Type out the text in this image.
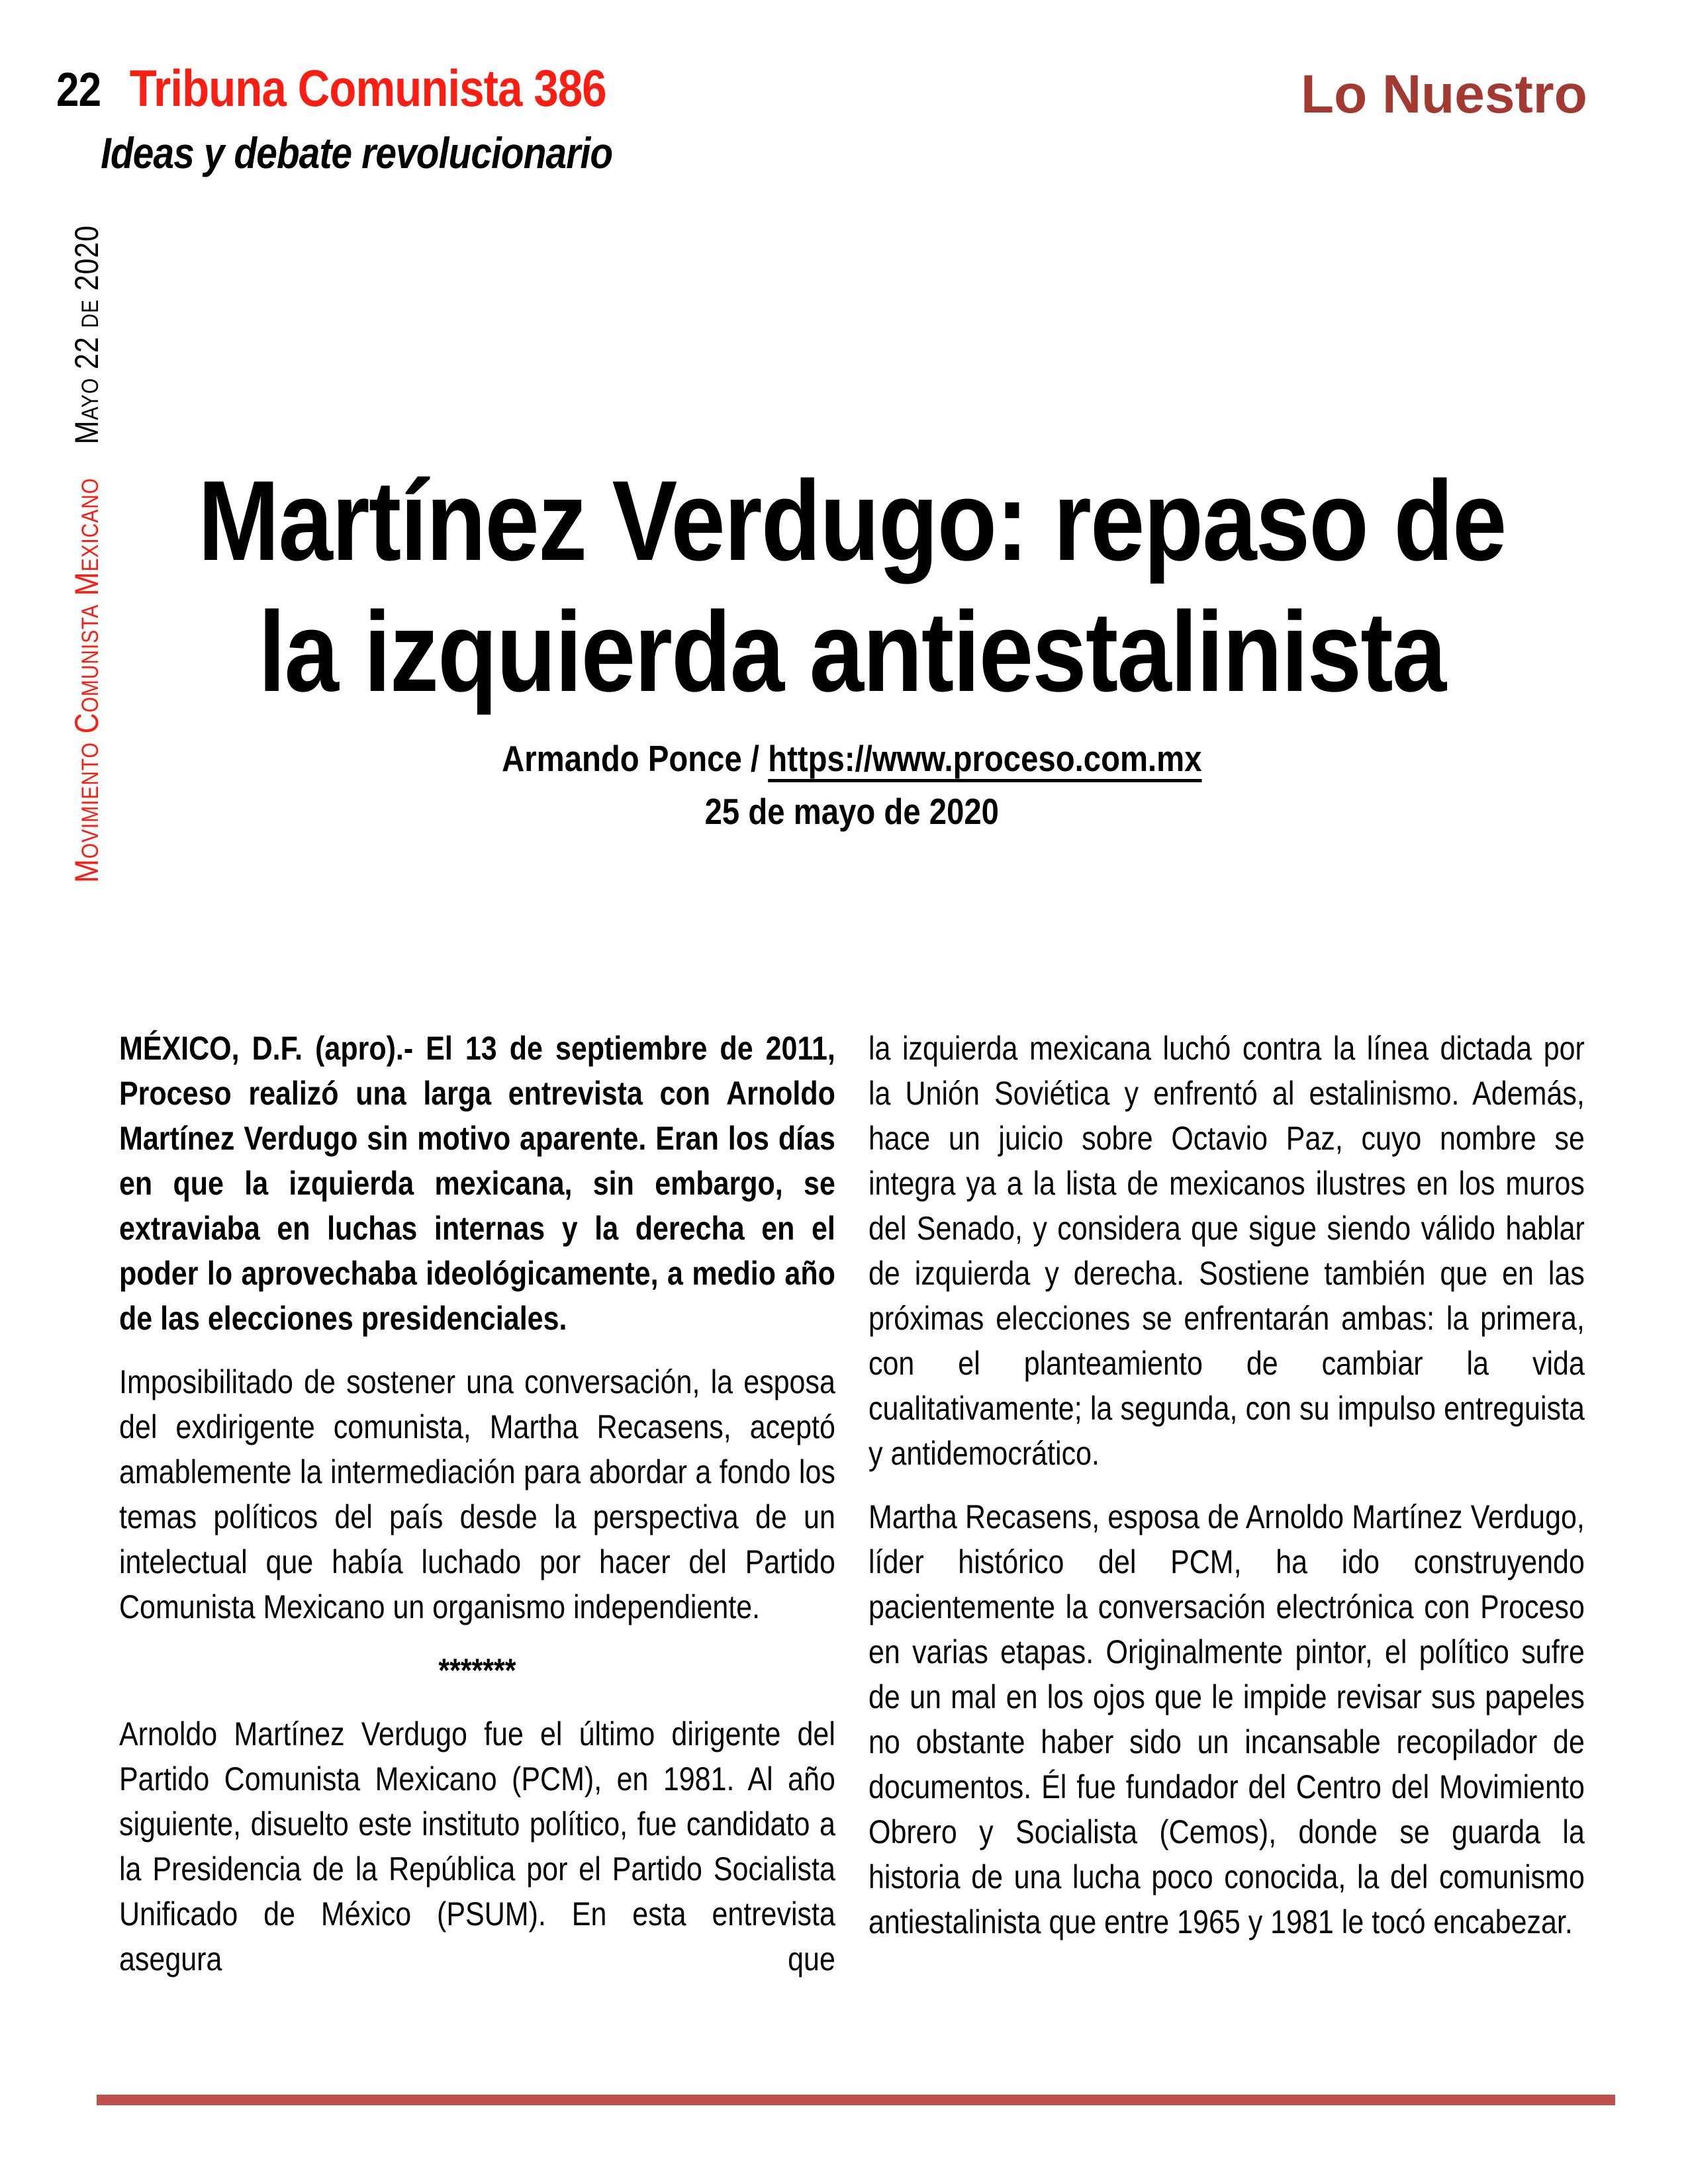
22 Tribuna Comunista 386
Ideas y debate revolucionario
Lo Nuestro
Movimiento Comunista Mexicano Mayo 22 de 2020
Martínez Verdugo: repaso de
la izquierda antiestalinista
Armando Ponce / https://www.proceso.com.mx
25 de mayo de 2020

MÉXICO, D.F. (apro).- El 13 de septiembre de 2011, Proceso realizó una larga entrevista con Arnoldo Martínez Verdugo sin motivo aparente. Eran los días en que la izquierda mexicana, sin embargo, se extraviaba en luchas internas y la derecha en el poder lo aprovechaba ideológicamente, a medio año de las elecciones presidenciales.

Imposibilitado de sostener una conversación, la esposa del exdirigente comunista, Martha Recasens, aceptó amablemente la intermediación para abordar a fondo los temas políticos del país desde la perspectiva de un intelectual que había luchado por hacer del Partido Comunista Mexicano un organismo independiente.

*******

Arnoldo Martínez Verdugo fue el último dirigente del Partido Comunista Mexicano (PCM), en 1981. Al año siguiente, disuelto este instituto político, fue candidato a la Presidencia de la República por el Partido Socialista Unificado de México (PSUM). En esta entrevista asegura que

la izquierda mexicana luchó contra la línea dictada por la Unión Soviética y enfrentó al estalinismo. Además, hace un juicio sobre Octavio Paz, cuyo nombre se integra ya a la lista de mexicanos ilustres en los muros del Senado, y considera que sigue siendo válido hablar de izquierda y derecha. Sostiene también que en las próximas elecciones se enfrentarán ambas: la primera, con el planteamiento de cambiar la vida cualitativamente; la segunda, con su impulso entreguista y antidemocrático.

Martha Recasens, esposa de Arnoldo Martínez Verdugo, líder histórico del PCM, ha ido construyendo pacientemente la conversación electrónica con Proceso en varias etapas. Originalmente pintor, el político sufre de un mal en los ojos que le impide revisar sus papeles no obstante haber sido un incansable recopilador de documentos. Él fue fundador del Centro del Movimiento Obrero y Socialista (Cemos), donde se guarda la historia de una lucha poco conocida, la del comunismo antiestalinista que entre 1965 y 1981 le tocó encabezar.
